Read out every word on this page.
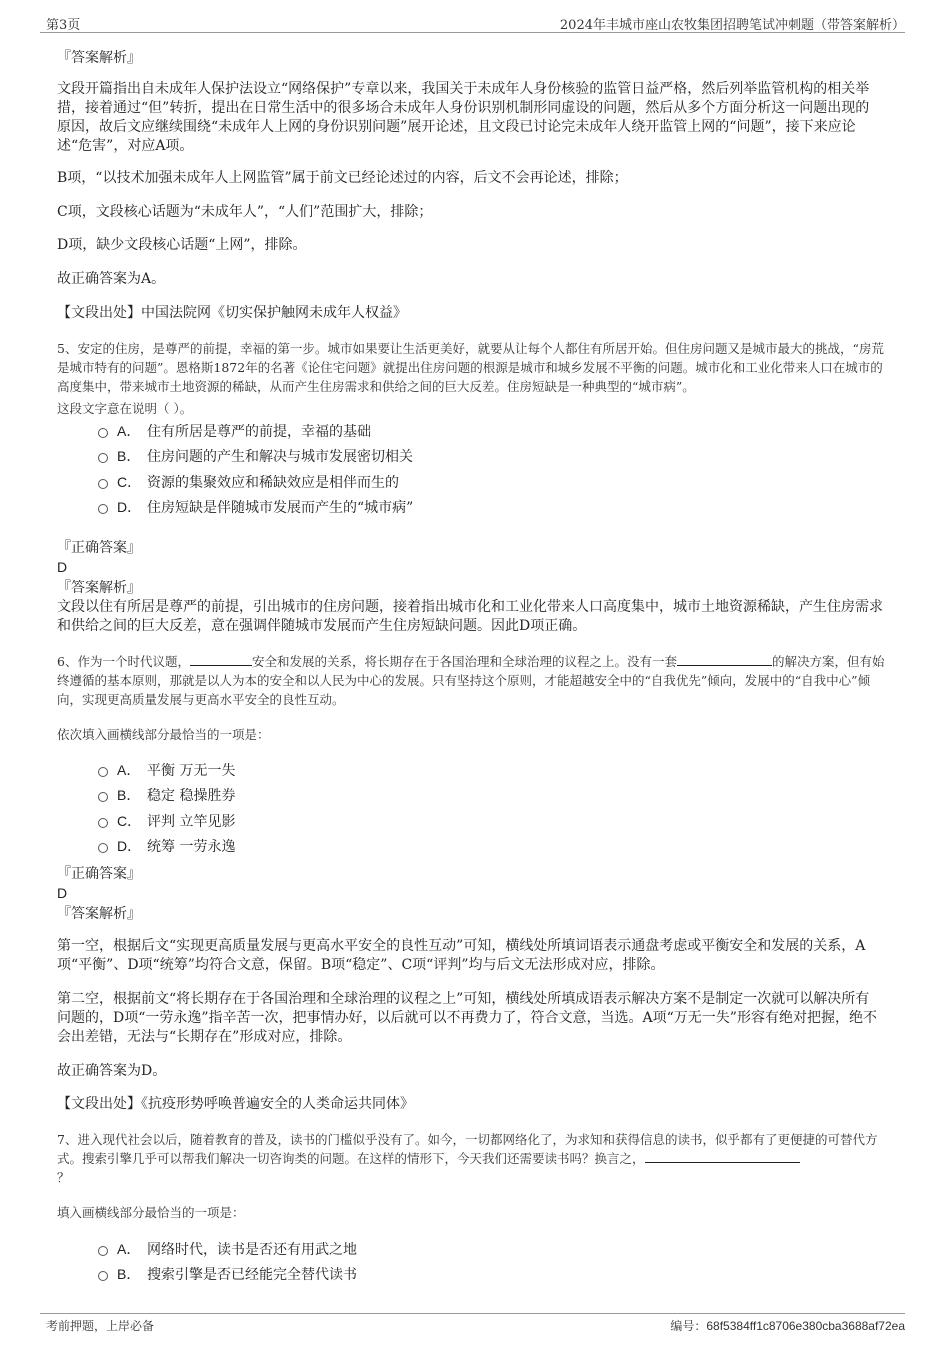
第3页	2024年丰城市座山农牧集团招聘笔试冲刺题（带答案解析）
『答案解析』
文段开篇指出自未成年人保护法设立“网络保护”专章以来，我国关于未成年人身份核验的监管日益严格，然后列举监管机构的相关举措，接着通过“但”转折，提出在日常生活中的很多场合未成年人身份识别机制形同虚设的问题，然后从多个方面分析这一问题出现的原因，故后文应继续围绕“未成年人上网的身份识别问题”展开论述，且文段已讨论完未成年人绕开监管上网的“问题”，接下来应论述“危害”，对应A项。
B项，“以技术加强未成年人上网监管”属于前文已经论述过的内容，后文不会再论述，排除；
C项，文段核心话题为“未成年人”，“人们”范围扩大，排除；
D项，缺少文段核心话题“上网”，排除。
故正确答案为A。
【文段出处】中国法院网《切实保护触网未成年人权益》
5、安定的住房，是尊严的前提，幸福的第一步。城市如果要让生活更美好，就要从让每个人都住有所居开始。但住房问题又是城市最大的挑战，“房荒是城市特有的问题”。恩格斯1872年的名著《论住宅问题》就提出住房问题的根源是城市和城乡发展不平衡的问题。城市化和工业化带来人口在城市的高度集中，带来城市土地资源的稀缺，从而产生住房需求和供给之间的巨大反差。住房短缺是一种典型的“城市病”。
这段文字意在说明（ ）。
A． 住有所居是尊严的前提，幸福的基础
B． 住房问题的产生和解决与城市发展密切相关
C． 资源的集聚效应和稀缺效应是相伴而生的
D． 住房短缺是伴随城市发展而产生的“城市病”
『正确答案』
D
『答案解析』
文段以住有所居是尊严的前提，引出城市的住房问题，接着指出城市化和工业化带来人口高度集中，城市土地资源稀缺，产生住房需求和供给之间的巨大反差，意在强调伴随城市发展而产生住房短缺问题。因此D项正确。
6、作为一个时代议题，	安全和发展的关系，将长期存在于各国治理和全球治理的议程之上。没有一套	的解决方案，但有始终遵循的基本原则，那就是以人为本的安全和以人民为中心的发展。只有坚持这个原则，才能超越安全中的“自我优先”倾向，发展中的“自我中心”倾向，实现更高质量发展与更高水平安全的良性互动。
依次填入画横线部分最恰当的一项是：
A． 平衡 万无一失
B． 稳定 稳操胜券
C． 评判 立竿见影
D． 统筹 一劳永逸
『正确答案』
D
『答案解析』
第一空，根据后文“实现更高质量发展与更高水平安全的良性互动”可知，横线处所填词语表示通盘考虑或平衡安全和发展的关系，A项“平衡”、D项“统筹”均符合文意，保留。B项“稳定”、C项“评判”均与后文无法形成对应，排除。
第二空，根据前文“将长期存在于各国治理和全球治理的议程之上”可知，横线处所填成语表示解决方案不是制定一次就可以解决所有问题的，D项“一劳永逸”指辛苦一次，把事情办好，以后就可以不再费力了，符合文意，当选。A项“万无一失”形容有绝对把握，绝不会出差错，无法与“长期存在”形成对应，排除。
故正确答案为D。
【文段出处】《抗疫形势呼唤普遍安全的人类命运共同体》
7、进入现代社会以后，随着教育的普及，读书的门槛似乎没有了。如今，一切都网络化了，为求知和获得信息的读书，似乎都有了更便捷的可替代方式。搜索引擎几乎可以帮我们解决一切咨询类的问题。在这样的情形下，今天我们还需要读书吗？换言之，
？
填入画横线部分最恰当的一项是：
A． 网络时代，读书是否还有用武之地
B． 搜索引擎是否已经能完全替代读书
考前押题，上岸必备	编号：68f5384ff1c8706e380cba3688af72ea
